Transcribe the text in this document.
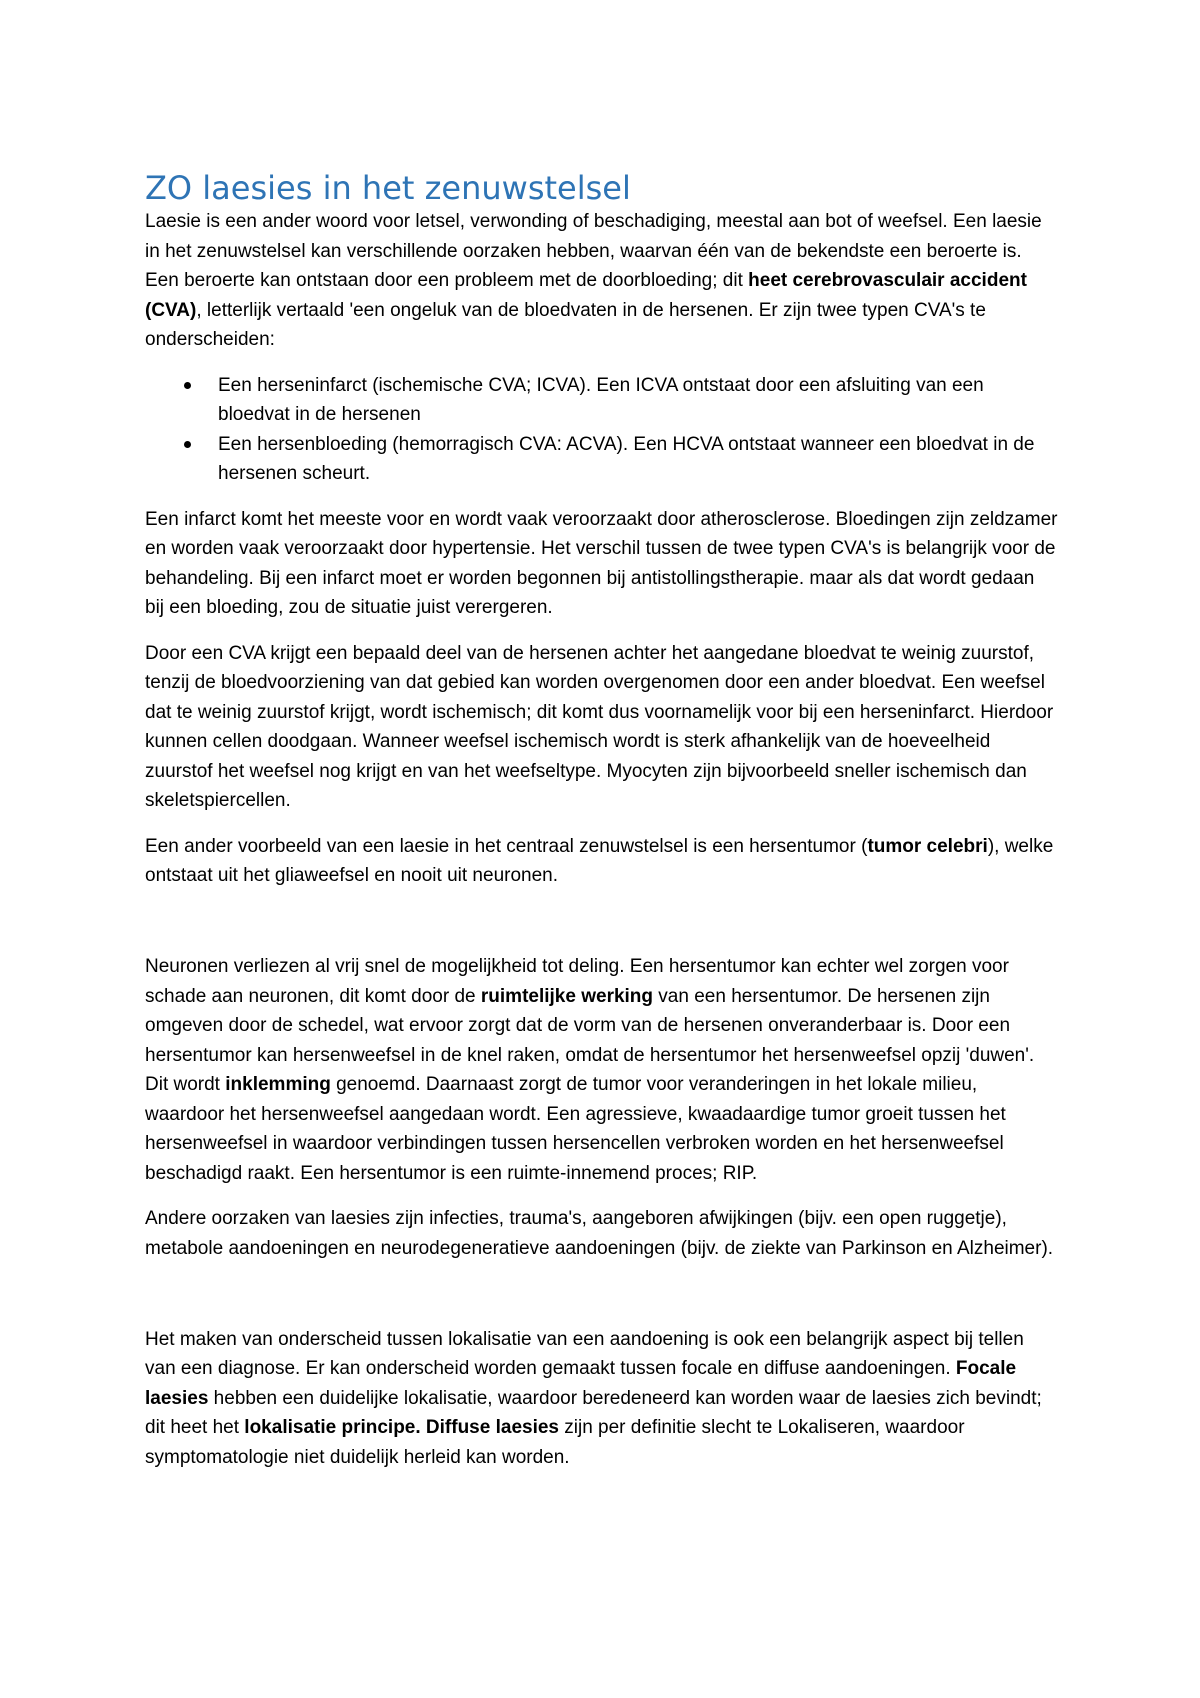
ZO laesies in het zenuwstelsel

Laesie is een ander woord voor letsel, verwonding of beschadiging, meestal aan bot of weefsel. Een laesie in het zenuwstelsel kan verschillende oorzaken hebben, waarvan één van de bekendste een beroerte is. Een beroerte kan ontstaan door een probleem met de doorbloeding; dit heet cerebrovasculair accident (CVA), letterlijk vertaald 'een ongeluk van de bloedvaten in de hersenen. Er zijn twee typen CVA's te onderscheiden:

Een herseninfarct (ischemische CVA; ICVA). Een ICVA ontstaat door een afsluiting van een bloedvat in de hersenen
Een hersenbloeding (hemorragisch CVA: ACVA). Een HCVA ontstaat wanneer een bloedvat in de hersenen scheurt.

Een infarct komt het meeste voor en wordt vaak veroorzaakt door atherosclerose. Bloedingen zijn zeldzamer en worden vaak veroorzaakt door hypertensie. Het verschil tussen de twee typen CVA's is belangrijk voor de behandeling. Bij een infarct moet er worden begonnen bij antistollingstherapie. maar als dat wordt gedaan bij een bloeding, zou de situatie juist verergeren.

Door een CVA krijgt een bepaald deel van de hersenen achter het aangedane bloedvat te weinig zuurstof, tenzij de bloedvoorziening van dat gebied kan worden overgenomen door een ander bloedvat. Een weefsel dat te weinig zuurstof krijgt, wordt ischemisch; dit komt dus voornamelijk voor bij een herseninfarct. Hierdoor kunnen cellen doodgaan. Wanneer weefsel ischemisch wordt is sterk afhankelijk van de hoeveelheid zuurstof het weefsel nog krijgt en van het weefseltype. Myocyten zijn bijvoorbeeld sneller ischemisch dan skeletspiercellen.

Een ander voorbeeld van een laesie in het centraal zenuwstelsel is een hersentumor (tumor celebri), welke ontstaat uit het gliaweefsel en nooit uit neuronen.

Neuronen verliezen al vrij snel de mogelijkheid tot deling. Een hersentumor kan echter wel zorgen voor schade aan neuronen, dit komt door de ruimtelijke werking van een hersentumor. De hersenen zijn omgeven door de schedel, wat ervoor zorgt dat de vorm van de hersenen onveranderbaar is. Door een hersentumor kan hersenweefsel in de knel raken, omdat de hersentumor het hersenweefsel opzij 'duwen'. Dit wordt inklemming genoemd. Daarnaast zorgt de tumor voor veranderingen in het lokale milieu, waardoor het hersenweefsel aangedaan wordt. Een agressieve, kwaadaardige tumor groeit tussen het hersenweefsel in waardoor verbindingen tussen hersencellen verbroken worden en het hersenweefsel beschadigd raakt. Een hersentumor is een ruimte-innemend proces; RIP.

Andere oorzaken van laesies zijn infecties, trauma's, aangeboren afwijkingen (bijv. een open ruggetje), metabole aandoeningen en neurodegeneratieve aandoeningen (bijv. de ziekte van Parkinson en Alzheimer).

Het maken van onderscheid tussen lokalisatie van een aandoening is ook een belangrijk aspect bij tellen van een diagnose. Er kan onderscheid worden gemaakt tussen focale en diffuse aandoeningen. Focale laesies hebben een duidelijke lokalisatie, waardoor beredeneerd kan worden waar de laesies zich bevindt; dit heet het lokalisatie principe. Diffuse laesies zijn per definitie slecht te Lokaliseren, waardoor symptomatologie niet duidelijk herleid kan worden.
